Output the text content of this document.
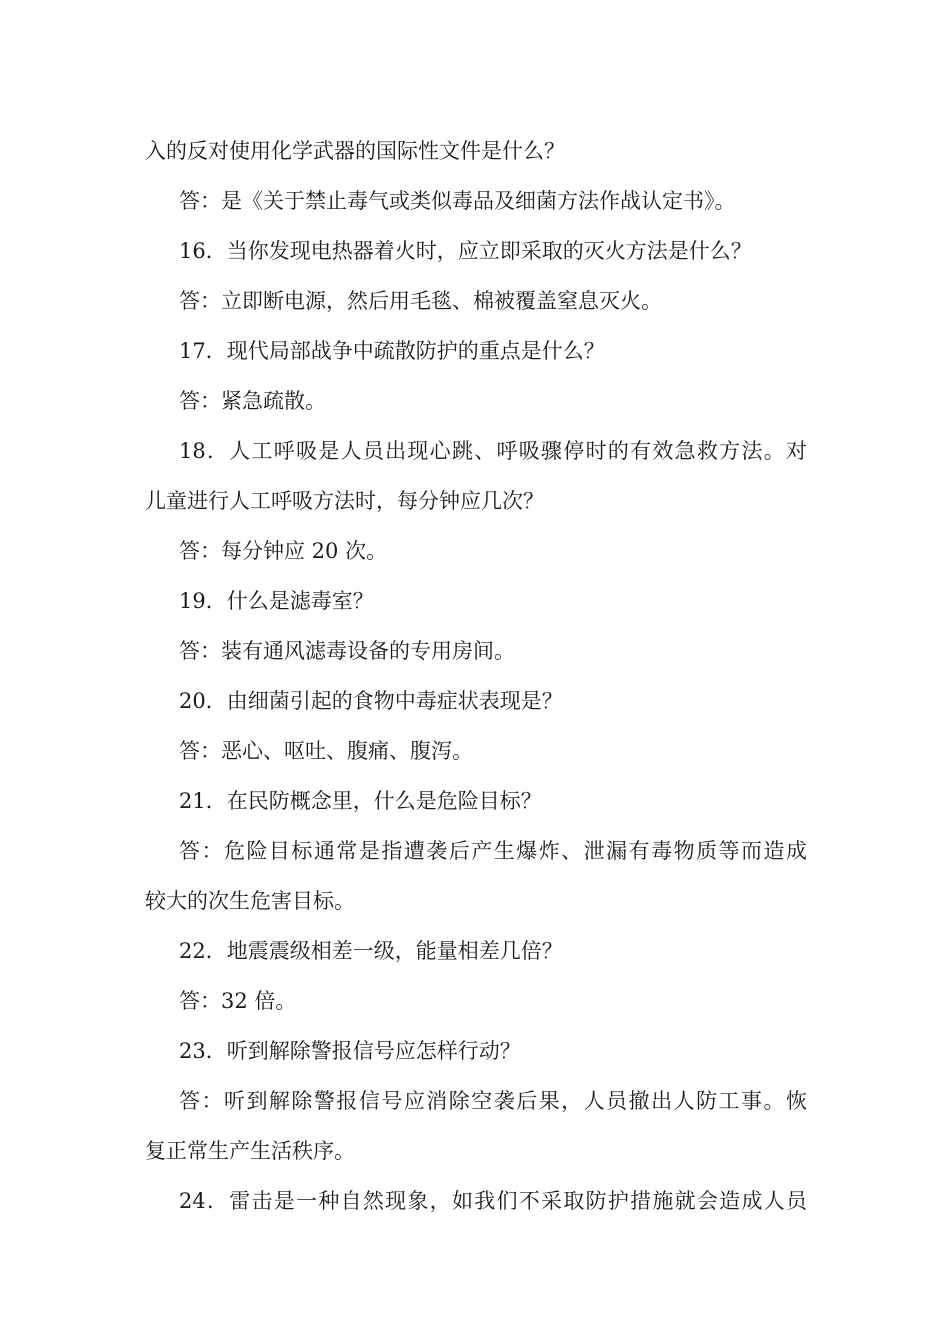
入的反对使用化学武器的国际性文件是什么？
答：是《关于禁止毒气或类似毒品及细菌方法作战认定书》。
16．当你发现电热器着火时，应立即采取的灭火方法是什么？
答：立即断电源，然后用毛毯、棉被覆盖窒息灭火。
17．现代局部战争中疏散防护的重点是什么？
答：紧急疏散。
18．人工呼吸是人员出现心跳、呼吸骤停时的有效急救方法。对
儿童进行人工呼吸方法时，每分钟应几次？
答：每分钟应 20 次。
19．什么是滤毒室？
答：装有通风滤毒设备的专用房间。
20．由细菌引起的食物中毒症状表现是？
答：恶心、呕吐、腹痛、腹泻。
21．在民防概念里，什么是危险目标？
答：危险目标通常是指遭袭后产生爆炸、泄漏有毒物质等而造成
较大的次生危害目标。
22．地震震级相差一级，能量相差几倍？
答：32 倍。
23．听到解除警报信号应怎样行动？
答：听到解除警报信号应消除空袭后果，人员撤出人防工事。恢
复正常生产生活秩序。
24．雷击是一种自然现象，如我们不采取防护措施就会造成人员
